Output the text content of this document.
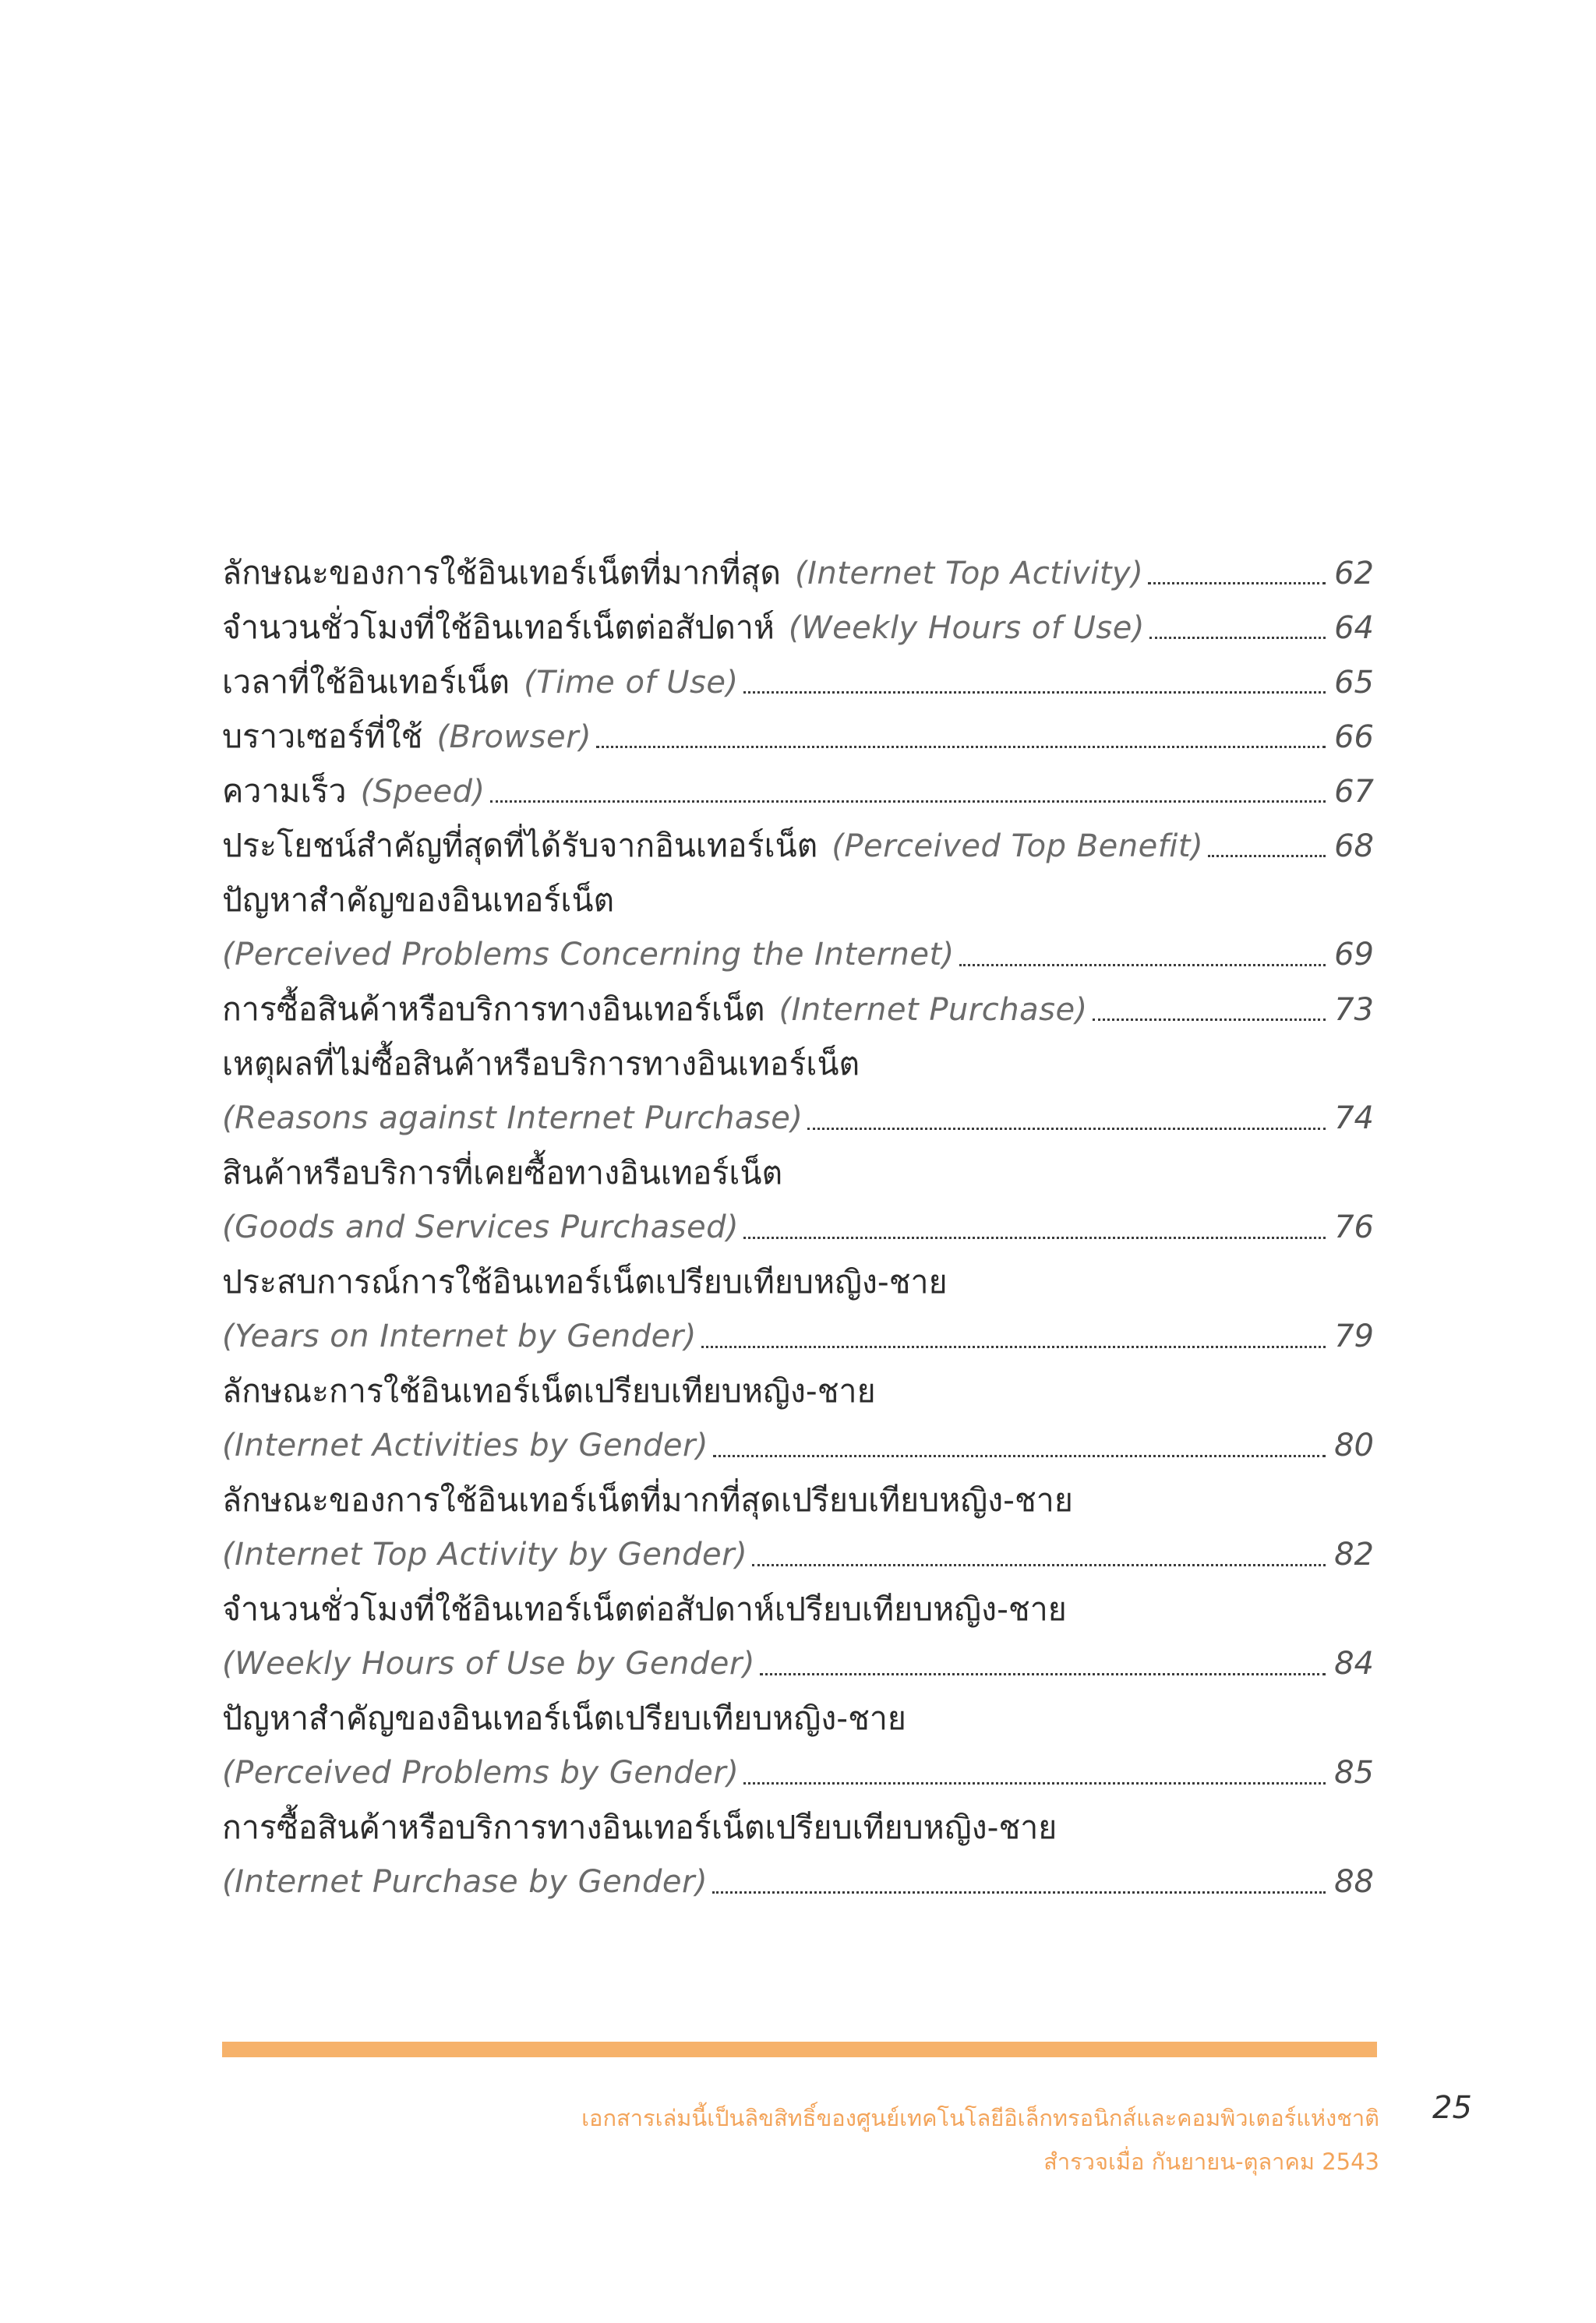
ลักษณะของการใช้อินเทอร์เน็ตที่มากที่สุด (Internet Top Activity)	62
จำนวนชั่วโมงที่ใช้อินเทอร์เน็ตต่อสัปดาห์ (Weekly Hours of Use)	64
เวลาที่ใช้อินเทอร์เน็ต (Time of Use)	65
บราวเซอร์ที่ใช้ (Browser)	66
ความเร็ว (Speed)	67
ประโยชน์สำคัญที่สุดที่ได้รับจากอินเทอร์เน็ต (Perceived Top Benefit)	68
ปัญหาสำคัญของอินเทอร์เน็ต
(Perceived Problems Concerning the Internet)	69
การซื้อสินค้าหรือบริการทางอินเทอร์เน็ต (Internet Purchase)	73
เหตุผลที่ไม่ซื้อสินค้าหรือบริการทางอินเทอร์เน็ต
(Reasons against Internet Purchase)	74
สินค้าหรือบริการที่เคยซื้อทางอินเทอร์เน็ต
(Goods and Services Purchased)	76
ประสบการณ์การใช้อินเทอร์เน็ตเปรียบเทียบหญิง-ชาย
(Years on Internet by Gender)	79
ลักษณะการใช้อินเทอร์เน็ตเปรียบเทียบหญิง-ชาย
(Internet Activities by Gender)	80
ลักษณะของการใช้อินเทอร์เน็ตที่มากที่สุดเปรียบเทียบหญิง-ชาย
(Internet Top Activity by Gender)	82
จำนวนชั่วโมงที่ใช้อินเทอร์เน็ตต่อสัปดาห์เปรียบเทียบหญิง-ชาย
(Weekly Hours of Use by Gender)	84
ปัญหาสำคัญของอินเทอร์เน็ตเปรียบเทียบหญิง-ชาย
(Perceived Problems by Gender)	85
การซื้อสินค้าหรือบริการทางอินเทอร์เน็ตเปรียบเทียบหญิง-ชาย
(Internet Purchase by Gender)	88
เอกสารเล่มนี้เป็นลิขสิทธิ์ของศูนย์เทคโนโลยีอิเล็กทรอนิกส์และคอมพิวเตอร์แห่งชาติ
สำรวจเมื่อ กันยายน-ตุลาคม 2543
25
